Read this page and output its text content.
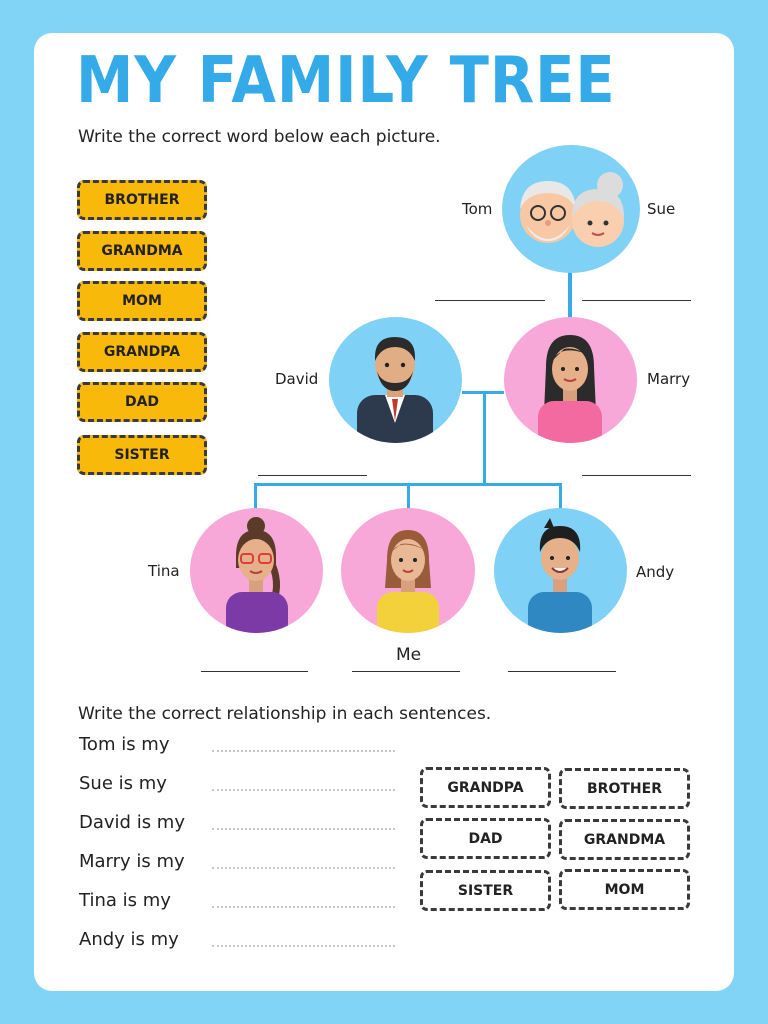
MY FAMILY TREE
Write the correct word below each picture.
BROTHER
GRANDMA
MOM
GRANDPA
DAD
SISTER
Tom	Sue
David	Marry
Tina
Me
Andy
Write the correct relationship in each sentences.
Tom is my
Sue is my
David is my
Marry is my
Tina is my
Andy is my
GRANDPA	BROTHER
DAD	GRANDMA
SISTER	MOM
